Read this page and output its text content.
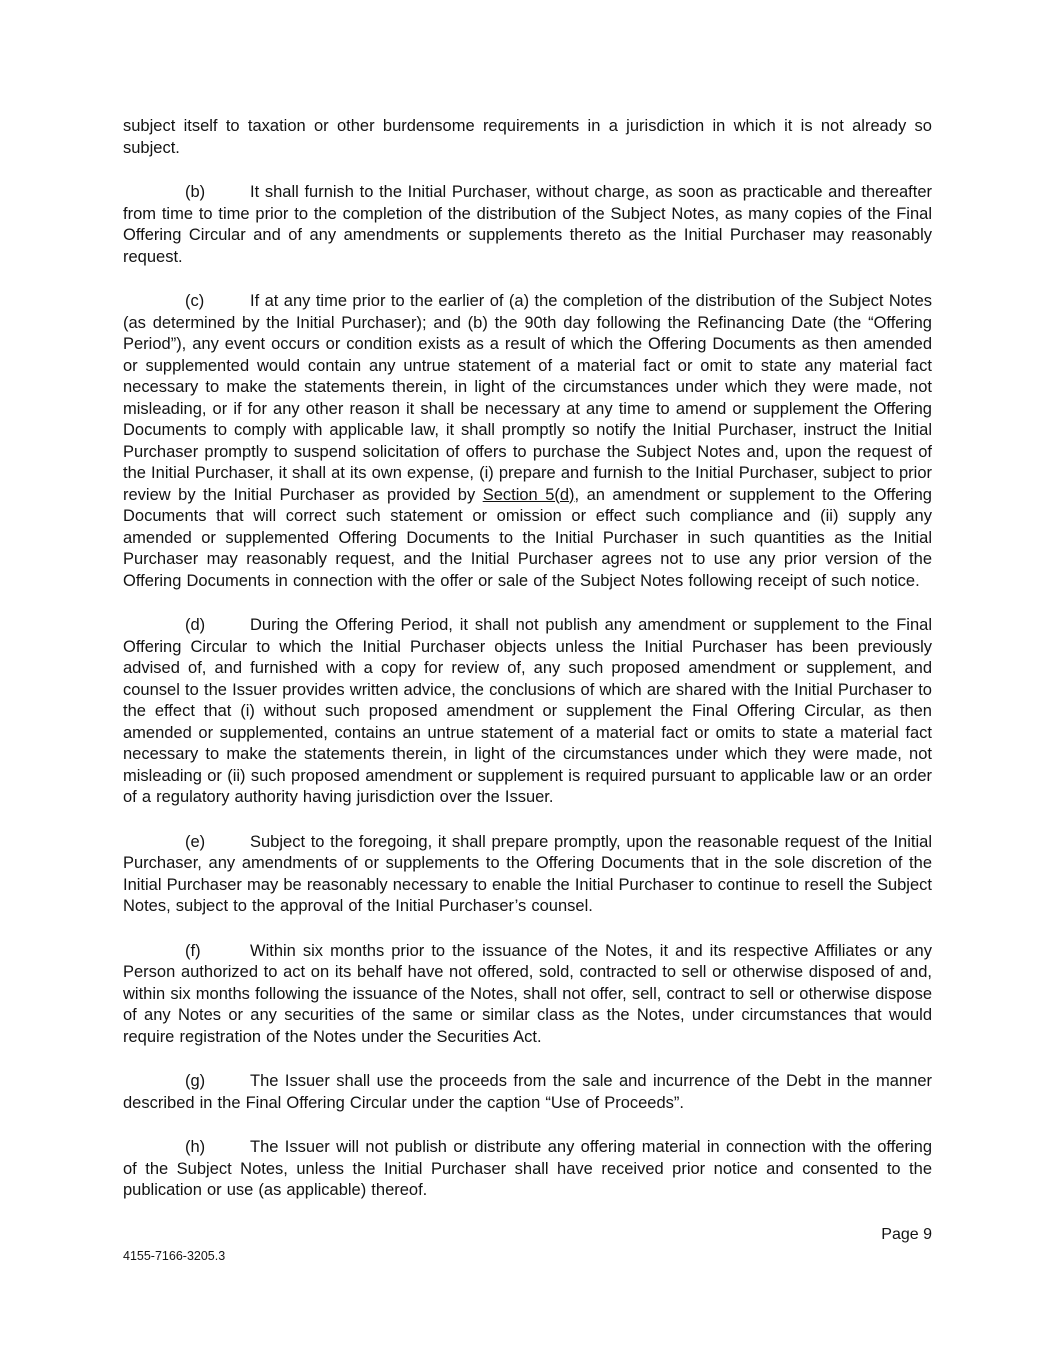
subject itself to taxation or other burdensome requirements in a jurisdiction in which it is not already so subject.

(b)	It shall furnish to the Initial Purchaser, without charge, as soon as practicable and thereafter from time to time prior to the completion of the distribution of the Subject Notes, as many copies of the Final Offering Circular and of any amendments or supplements thereto as the Initial Purchaser may reasonably request.

(c)	If at any time prior to the earlier of (a) the completion of the distribution of the Subject Notes (as determined by the Initial Purchaser); and (b) the 90th day following the Refinancing Date (the “Offering Period”), any event occurs or condition exists as a result of which the Offering Documents as then amended or supplemented would contain any untrue statement of a material fact or omit to state any material fact necessary to make the statements therein, in light of the circumstances under which they were made, not misleading, or if for any other reason it shall be necessary at any time to amend or supplement the Offering Documents to comply with applicable law, it shall promptly so notify the Initial Purchaser, instruct the Initial Purchaser promptly to suspend solicitation of offers to purchase the Subject Notes and, upon the request of the Initial Purchaser, it shall at its own expense, (i) prepare and furnish to the Initial Purchaser, subject to prior review by the Initial Purchaser as provided by Section 5(d), an amendment or supplement to the Offering Documents that will correct such statement or omission or effect such compliance and (ii) supply any amended or supplemented Offering Documents to the Initial Purchaser in such quantities as the Initial Purchaser may reasonably request, and the Initial Purchaser agrees not to use any prior version of the Offering Documents in connection with the offer or sale of the Subject Notes following receipt of such notice.

(d)	During the Offering Period, it shall not publish any amendment or supplement to the Final Offering Circular to which the Initial Purchaser objects unless the Initial Purchaser has been previously advised of, and furnished with a copy for review of, any such proposed amendment or supplement, and counsel to the Issuer provides written advice, the conclusions of which are shared with the Initial Purchaser to the effect that (i) without such proposed amendment or supplement the Final Offering Circular, as then amended or supplemented, contains an untrue statement of a material fact or omits to state a material fact necessary to make the statements therein, in light of the circumstances under which they were made, not misleading or (ii) such proposed amendment or supplement is required pursuant to applicable law or an order of a regulatory authority having jurisdiction over the Issuer.

(e)	Subject to the foregoing, it shall prepare promptly, upon the reasonable request of the Initial Purchaser, any amendments of or supplements to the Offering Documents that in the sole discretion of the Initial Purchaser may be reasonably necessary to enable the Initial Purchaser to continue to resell the Subject Notes, subject to the approval of the Initial Purchaser’s counsel.

(f)	Within six months prior to the issuance of the Notes, it and its respective Affiliates or any Person authorized to act on its behalf have not offered, sold, contracted to sell or otherwise disposed of and, within six months following the issuance of the Notes, shall not offer, sell, contract to sell or otherwise dispose of any Notes or any securities of the same or similar class as the Notes, under circumstances that would require registration of the Notes under the Securities Act.

(g)	The Issuer shall use the proceeds from the sale and incurrence of the Debt in the manner described in the Final Offering Circular under the caption “Use of Proceeds”.

(h)	The Issuer will not publish or distribute any offering material in connection with the offering of the Subject Notes, unless the Initial Purchaser shall have received prior notice and consented to the publication or use (as applicable) thereof.

Page 9
4155-7166-3205.3
